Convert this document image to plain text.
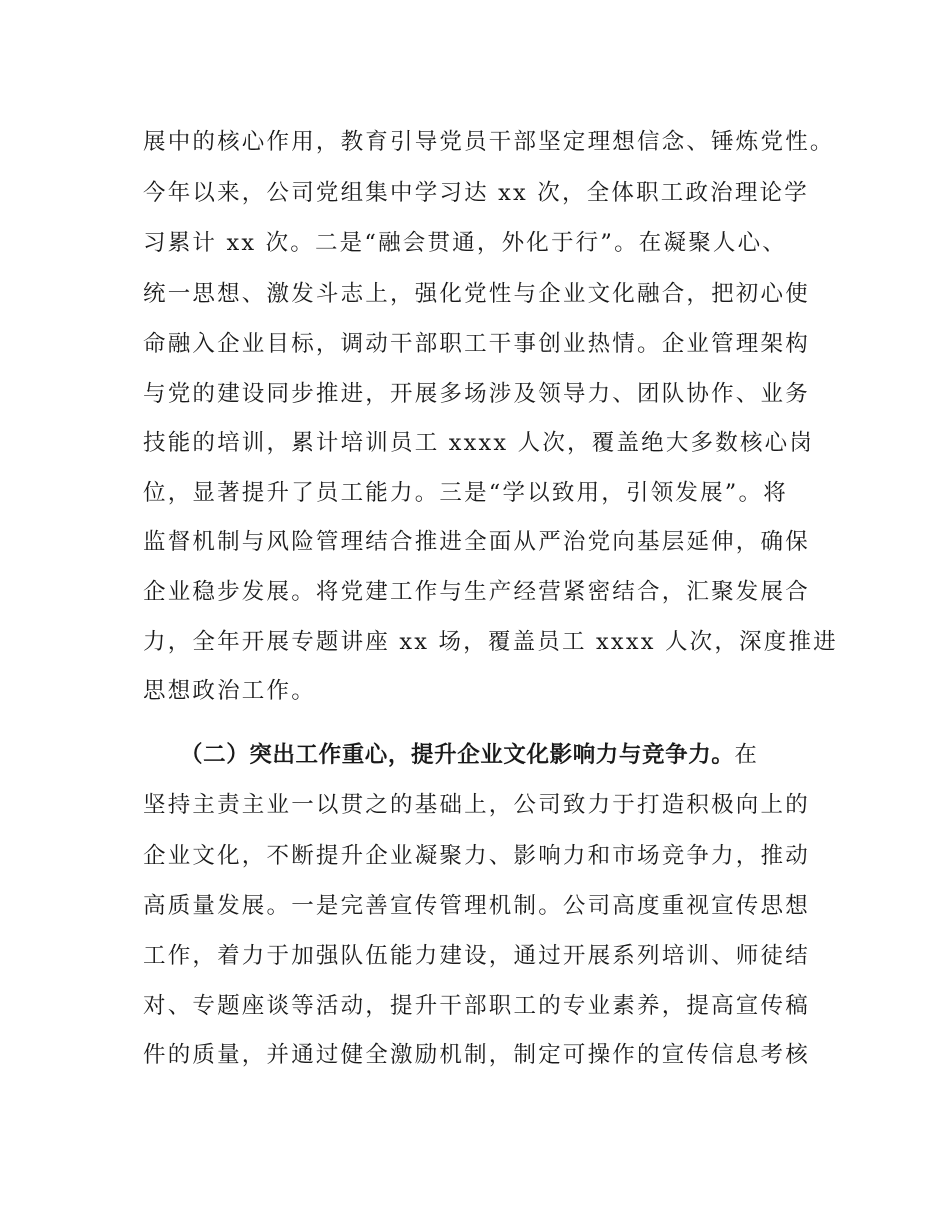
展中的核心作用，教育引导党员干部坚定理想信念、锤炼党性。
今年以来，公司党组集中学习达 xx 次，全体职工政治理论学
习累计 xx 次。二是“融会贯通，外化于行”。在凝聚人心、
统一思想、激发斗志上，强化党性与企业文化融合，把初心使
命融入企业目标，调动干部职工干事创业热情。企业管理架构
与党的建设同步推进，开展多场涉及领导力、团队协作、业务
技能的培训，累计培训员工 xxxx 人次，覆盖绝大多数核心岗
位，显著提升了员工能力。三是“学以致用，引领发展”。将
监督机制与风险管理结合推进全面从严治党向基层延伸，确保
企业稳步发展。将党建工作与生产经营紧密结合，汇聚发展合
力，全年开展专题讲座 xx 场，覆盖员工 xxxx 人次，深度推进
思想政治工作。
（二）突出工作重心，提升企业文化影响力与竞争力。在
坚持主责主业一以贯之的基础上，公司致力于打造积极向上的
企业文化，不断提升企业凝聚力、影响力和市场竞争力，推动
高质量发展。一是完善宣传管理机制。公司高度重视宣传思想
工作，着力于加强队伍能力建设，通过开展系列培训、师徒结
对、专题座谈等活动，提升干部职工的专业素养，提高宣传稿
件的质量，并通过健全激励机制，制定可操作的宣传信息考核
